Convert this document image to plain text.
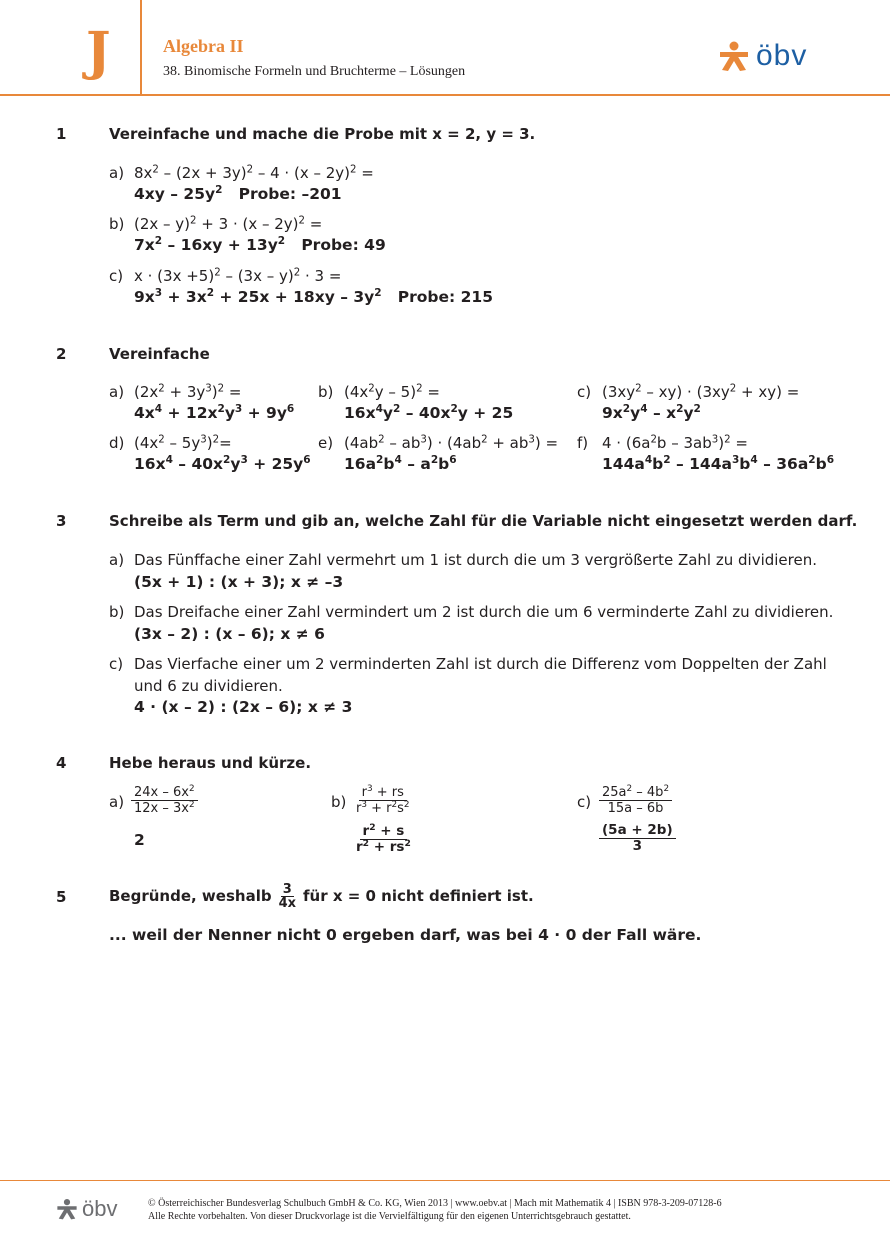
J	Algebra II
38. Binomische Formeln und Bruchterme – Lösungen	öbv
1	Vereinfache und mache die Probe mit x = 2, y = 3.
a) $8x^2 - (2x + 3y)^2 - 4 \cdot (x - 2y)^2$ =
$4xy - 25y^2$   Probe: –201
b) (2x – y)$^2$ + 3 · (x – 2y)$^2$ =
$7x^2 - 16xy + 13y^2$   Probe: 49
c) $x \cdot (3x +5)^2 - (3x - y)^2 \cdot 3$ =
$9x^3 + 3x^2 + 25x + 18xy - 3y^2$   Probe: 215
2	Vereinfache
a) $(2x^2 + 3y^3)^2$ =
$4x^4 + 12x^2y^3 + 9y^6$
b) $(4x^2y - 5)^2$ =
$16x^4y^2 - 40x^2y + 25$
c) $(3xy^2 - xy) \cdot (3xy^2 + xy)$ =
$9x^2y^4 - x^2y^2$
d) $(4x^2 - 5y^3)^2=$
$16x^4 - 40x^2y^3 + 25y^6$
e) $(4ab^2 - ab^3) \cdot (4ab^2 + ab^3)$ =
$16a^2b^4 - a^2b^6$
f) $4 \cdot (6a^2b - 3ab^3)^2$ =
$144a^4b^2 - 144a^3b^4 - 36a^2b^6$
3	Schreibe als Term und gib an, welche Zahl für die Variable nicht eingesetzt werden darf.
a) Das Fünffache einer Zahl vermehrt um 1 ist durch die um 3 vergrößerte Zahl zu dividieren.
(5x + 1) : (x + 3); x ≠ –3
b) Das Dreifache einer Zahl vermindert um 2 ist durch die um 6 verminderte Zahl zu dividieren.
(3x – 2) : (x – 6); x ≠ 6
c) Das Vierfache einer um 2 verminderten Zahl ist durch die Differenz vom Doppelten der Zahl
und 6 zu dividieren.
4 · (x – 2) : (2x – 6); x ≠ 3
4	Hebe heraus und kürze.
$a) \frac{24x - 6x^2}{12x - 3x^2}$
2
$b) \frac{r^3 + rs}{r^3 + r^2s^2}$
$\frac{r^2 + s}{r^2 + rs^2}$
$c) \frac{25a^2 - 4b^2}{15a - 6b}$
$\frac{(5a + 2b)}{3}$
5	Begründe, weshalb 3
4x für x = 0 nicht definiert ist.
... weil der Nenner nicht 0 ergeben darf, was bei 4 · 0 der Fall wäre.
öbv	© Österreichischer Bundesverlag Schulbuch GmbH & Co. KG, Wien 2013 | www.oebv.at | Mach mit Mathematik 4 | ISBN 978-3-209-07128-6
Alle Rechte vorbehalten. Von dieser Druckvorlage ist die Vervielfältigung für den eigenen Unterrichtsgebrauch gestattet.
